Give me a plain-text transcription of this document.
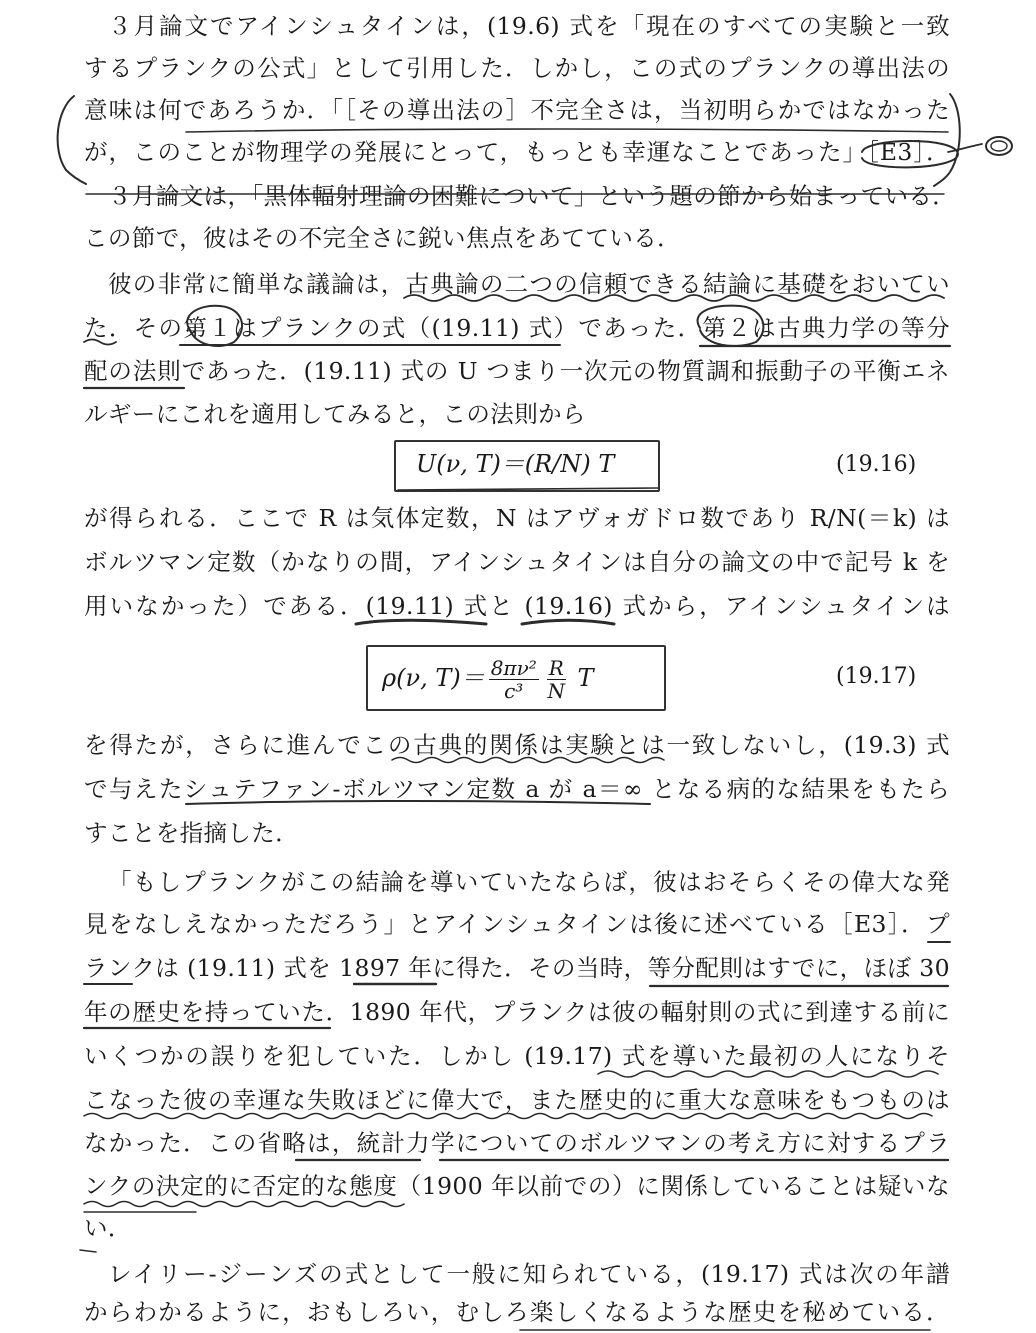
３月論文でアインシュタインは，(19.6) 式を「現在のすべての実験と一致
するプランクの公式」として引用した．しかし，この式のプランクの導出法の
意味は何であろうか．「［その導出法の］不完全さは，当初明らかではなかった
が，このことが物理学の発展にとって，もっとも幸運なことであった」［E3］．
３月論文は，「黒体輻射理論の困難について」という題の節から始まっている．
この節で，彼はその不完全さに鋭い焦点をあてている．
彼の非常に簡単な議論は，古典論の二つの信頼できる結論に基礎をおいてい
た．その第１はプランクの式（(19.11) 式）であった．第２は古典力学の等分
配の法則であった．(19.11) 式の U つまり一次元の物質調和振動子の平衡エネ
ルギーにこれを適用してみると，この法則から
U(ν, T)＝(R/N) T	(19.16)
が得られる．ここで R は気体定数，N はアヴォガドロ数であり R/N(＝k) は
ボルツマン定数（かなりの間，アインシュタインは自分の論文の中で記号 k を
用いなかった）である．(19.11) 式と (19.16) 式から，アインシュタインは
ρ(ν, $T)= \frac{\text{8πν²}}{\text{c³}} \frac{R}{N}$ T	(19.17)
を得たが，さらに進んでこの古典的関係は実験とは一致しないし，(19.3) 式
で与えたシュテファン‐ボルツマン定数 a が a＝∞ となる病的な結果をもたら
すことを指摘した．
「もしプランクがこの結論を導いていたならば，彼はおそらくその偉大な発
見をなしえなかっただろう」とアインシュタインは後に述べている［E3］．プ
ランクは (19.11) 式を 1897 年に得た．その当時，等分配則はすでに，ほぼ 30
年の歴史を持っていた．1890 年代，プランクは彼の輻射則の式に到達する前に
いくつかの誤りを犯していた．しかし (19.17) 式を導いた最初の人になりそ
こなった彼の幸運な失敗ほどに偉大で，また歴史的に重大な意味をもつものは
なかった．この省略は，統計力学についてのボルツマンの考え方に対するプラ
ンクの決定的に否定的な態度（1900 年以前での）に関係していることは疑いな
い．
レイリー‐ジーンズの式として一般に知られている，(19.17) 式は次の年譜
からわかるように，おもしろい，むしろ楽しくなるような歴史を秘めている．
